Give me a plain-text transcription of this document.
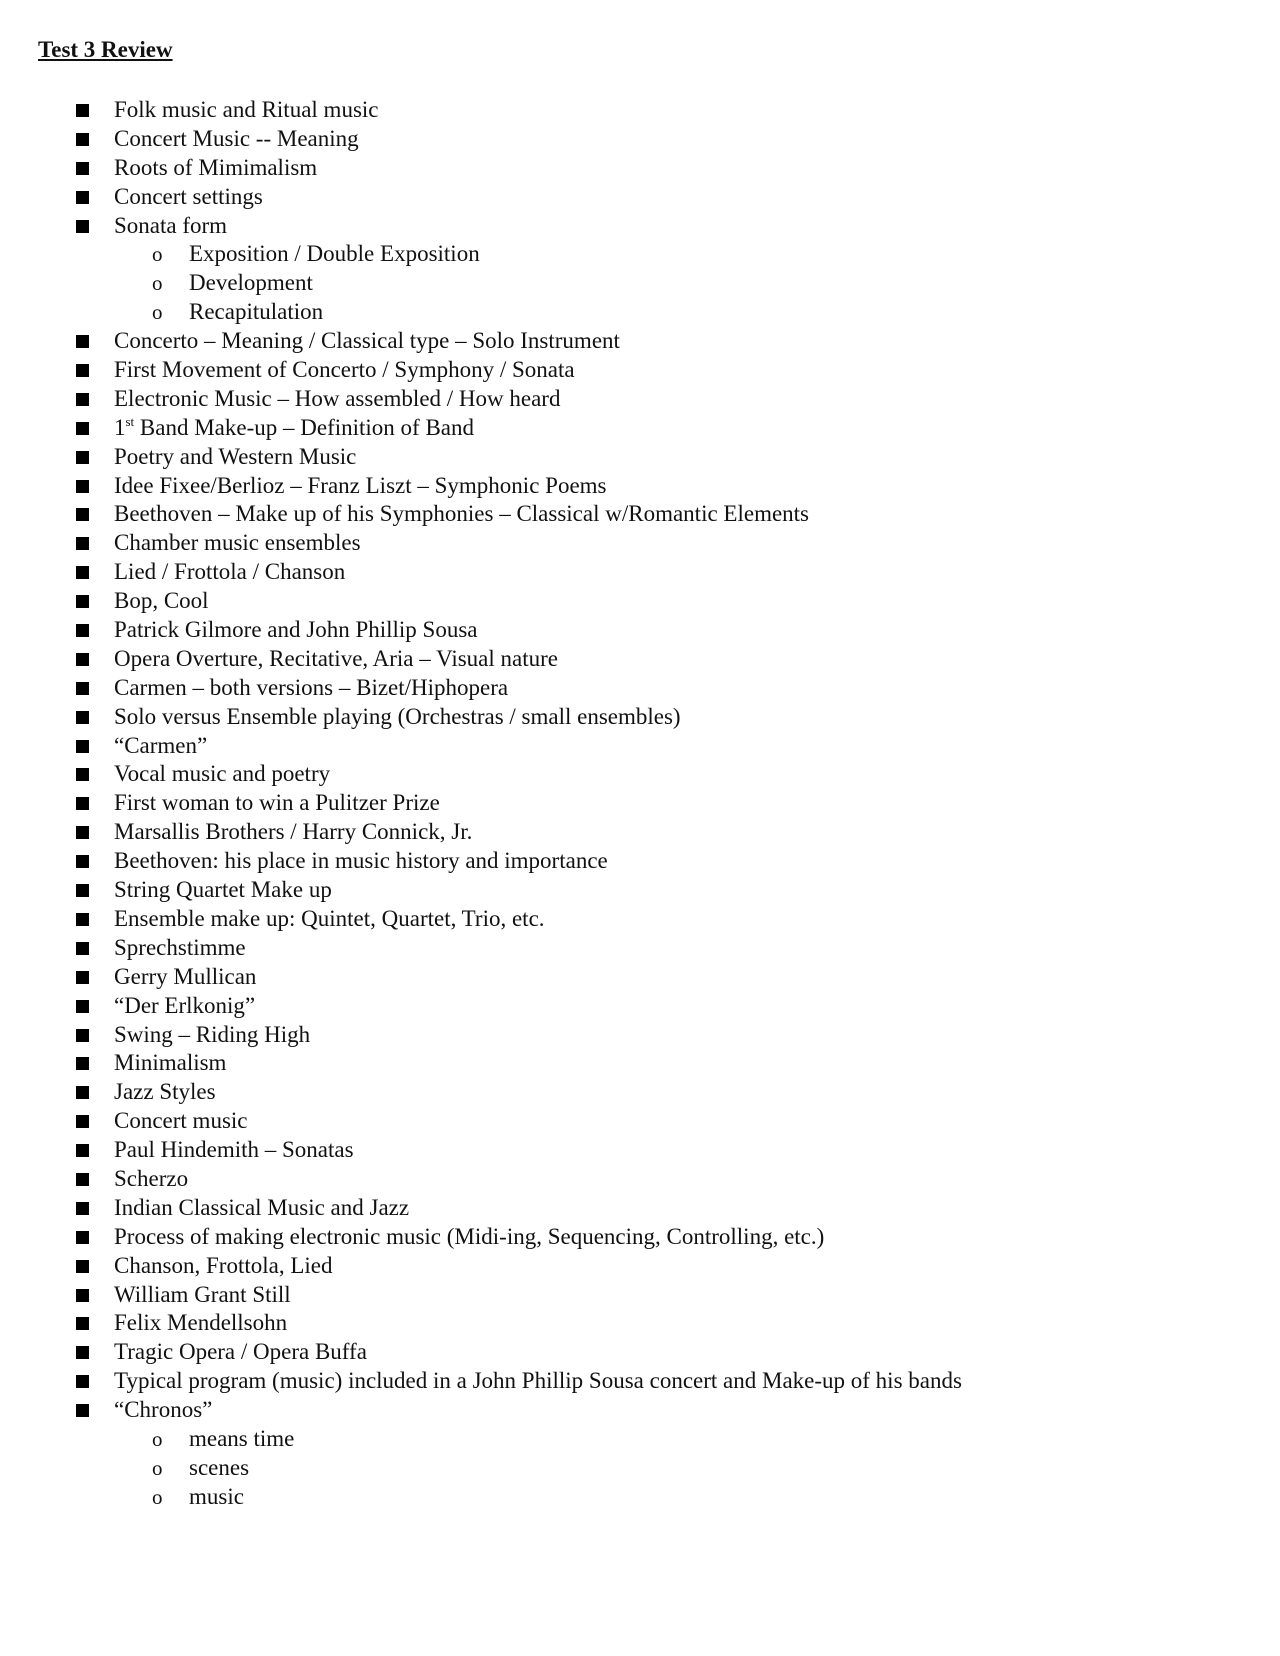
Test 3 Review
Folk music and Ritual music
Concert Music -- Meaning
Roots of Mimimalism
Concert settings
Sonata form
o Exposition / Double Exposition
o Development
o Recapitulation
Concerto – Meaning / Classical type – Solo Instrument
First Movement of Concerto / Symphony / Sonata
Electronic Music – How assembled / How heard
1st Band Make-up – Definition of Band
Poetry and Western Music
Idee Fixee/Berlioz – Franz Liszt – Symphonic Poems
Beethoven – Make up of his Symphonies – Classical w/Romantic Elements
Chamber music ensembles
Lied / Frottola / Chanson
Bop, Cool
Patrick Gilmore and John Phillip Sousa
Opera Overture, Recitative, Aria – Visual nature
Carmen – both versions – Bizet/Hiphopera
Solo versus Ensemble playing (Orchestras / small ensembles)
“Carmen”
Vocal music and poetry
First woman to win a Pulitzer Prize
Marsallis Brothers / Harry Connick, Jr.
Beethoven: his place in music history and importance
String Quartet Make up
Ensemble make up: Quintet, Quartet, Trio, etc.
Sprechstimme
Gerry Mullican
“Der Erlkonig”
Swing – Riding High
Minimalism
Jazz Styles
Concert music
Paul Hindemith – Sonatas
Scherzo
Indian Classical Music and Jazz
Process of making electronic music (Midi-ing, Sequencing, Controlling, etc.)
Chanson, Frottola, Lied
William Grant Still
Felix Mendellsohn
Tragic Opera / Opera Buffa
Typical program (music) included in a John Phillip Sousa concert and Make-up of his bands
“Chronos”
o means time
o scenes
o music
